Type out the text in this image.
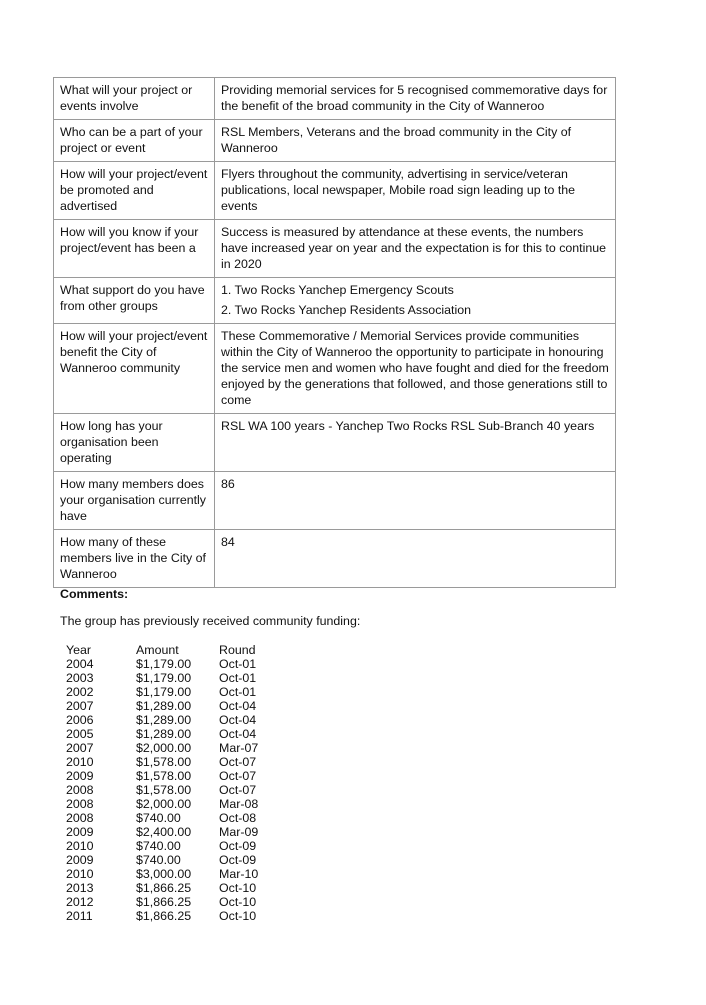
What will your project or events involve	Providing memorial services for 5 recognised commemorative days for the benefit of the broad community in the City of Wanneroo

Who can be a part of your project or event	RSL Members, Veterans and the broad community in the City of Wanneroo

How will your project/event be promoted and advertised	Flyers throughout the community, advertising in service/veteran publications, local newspaper, Mobile road sign leading up to the events

How will you know if your project/event has been a	Success is measured by attendance at these events, the numbers have increased year on year and the expectation is for this to continue in 2020

What support do you have from other groups	1. Two Rocks Yanchep Emergency Scouts

2. Two Rocks Yanchep Residents Association

How will your project/event benefit the City of Wanneroo community	These Commemorative / Memorial Services provide communities within the City of Wanneroo the opportunity to participate in honouring the service men and women who have fought and died for the freedom enjoyed by the generations that followed, and those generations still to come

How long has your organisation been operating	RSL WA 100 years - Yanchep Two Rocks RSL Sub-Branch 40 years

How many members does your organisation currently have	86

How many of these members live in the City of Wanneroo	84

Comments:

The group has previously received community funding:

Year	Amount	Round
2004	$1,179.00	Oct-01
2003	$1,179.00	Oct-01
2002	$1,179.00	Oct-01
2007	$1,289.00	Oct-04
2006	$1,289.00	Oct-04
2005	$1,289.00	Oct-04
2007	$2,000.00	Mar-07
2010	$1,578.00	Oct-07
2009	$1,578.00	Oct-07
2008	$1,578.00	Oct-07
2008	$2,000.00	Mar-08
2008	$740.00	Oct-08
2009	$2,400.00	Mar-09
2010	$740.00	Oct-09
2009	$740.00	Oct-09
2010	$3,000.00	Mar-10
2013	$1,866.25	Oct-10
2012	$1,866.25	Oct-10
2011	$1,866.25	Oct-10
